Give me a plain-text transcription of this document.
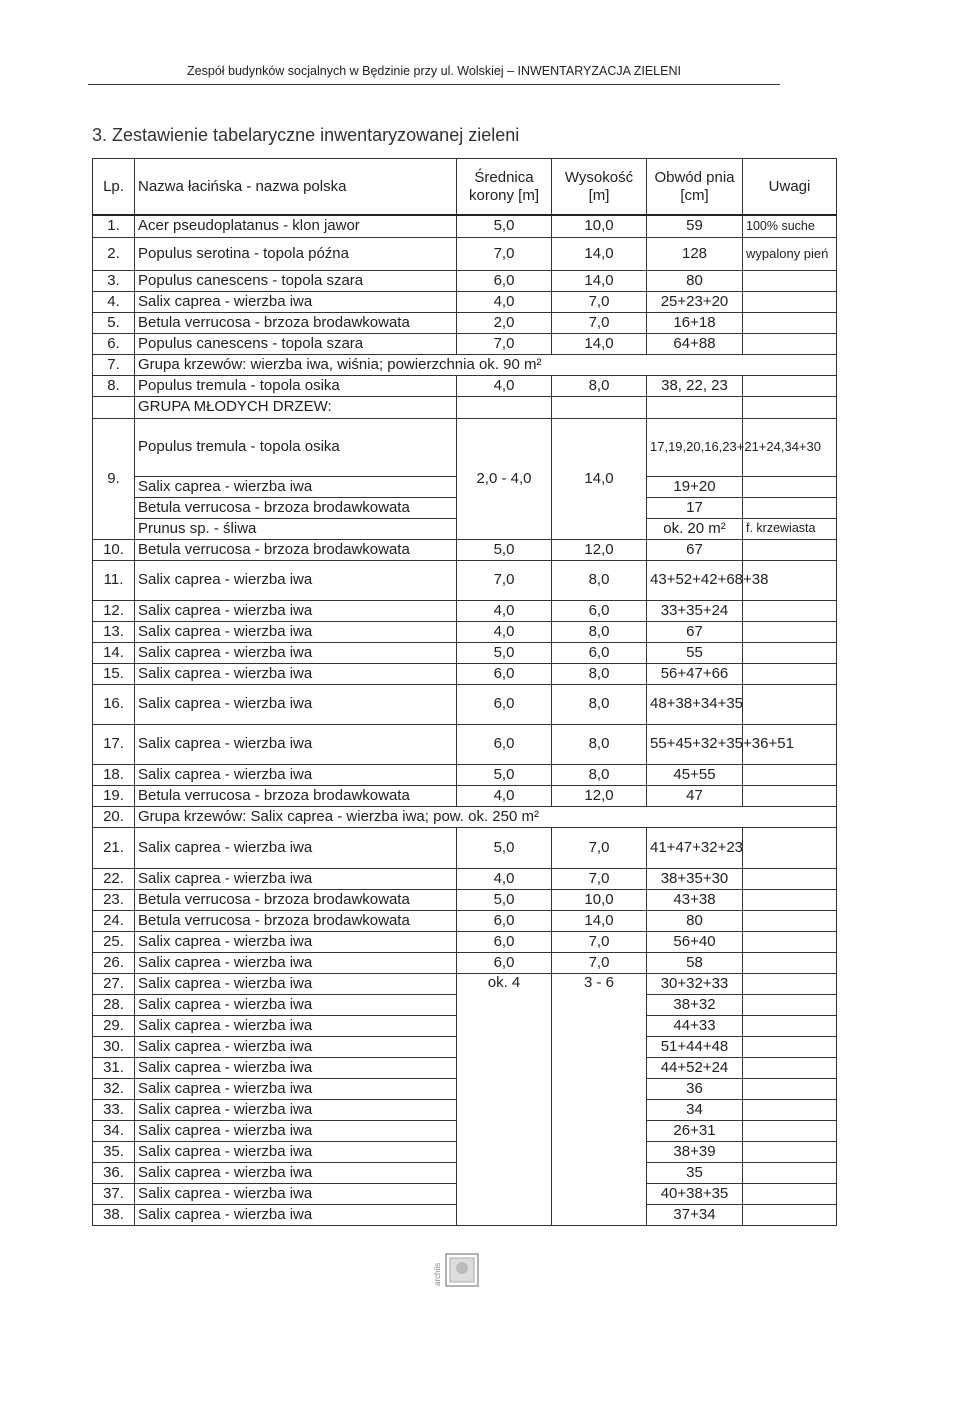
Zespół budynków socjalnych w Będzinie przy ul. Wolskiej – INWENTARYZACJA ZIELENI
3. Zestawienie tabelaryczne inwentaryzowanej zieleni
Lp.	Nazwa łacińska - nazwa polska	Średnica korony [m]	Wysokość [m]	Obwód pnia [cm]	Uwagi
1.	Acer pseudoplatanus - klon jawor	5,0	10,0	59	100% suche
2.	Populus serotina - topola późna	7,0	14,0	128	wypalony pień
3.	Populus canescens - topola szara	6,0	14,0	80	
4.	Salix caprea - wierzba iwa	4,0	7,0	25+23+20	
5.	Betula verrucosa - brzoza brodawkowata	2,0	7,0	16+18	
6.	Populus canescens - topola szara	7,0	14,0	64+88	
7.	Grupa krzewów: wierzba iwa, wiśnia; powierzchnia ok. 90 m²				
8.	Populus tremula - topola osika	4,0	8,0	38, 22, 23	
	GRUPA MŁODYCH DRZEW:				
9.	Populus tremula - topola osika	2,0 - 4,0	14,0	17,19,20,16,23+21+24,34+30	
	Salix caprea - wierzba iwa			19+20	
	Betula verrucosa - brzoza brodawkowata			17	
	Prunus sp. - śliwa			ok. 20 m²	f. krzewiasta
10.	Betula verrucosa - brzoza brodawkowata	5,0	12,0	67	
11.	Salix caprea - wierzba iwa	7,0	8,0	43+52+42+68+38	
12.	Salix caprea - wierzba iwa	4,0	6,0	33+35+24	
13.	Salix caprea - wierzba iwa	4,0	8,0	67	
14.	Salix caprea - wierzba iwa	5,0	6,0	55	
15.	Salix caprea - wierzba iwa	6,0	8,0	56+47+66	
16.	Salix caprea - wierzba iwa	6,0	8,0	48+38+34+35	
17.	Salix caprea - wierzba iwa	6,0	8,0	55+45+32+35+36+51	
18.	Salix caprea - wierzba iwa	5,0	8,0	45+55	
19.	Betula verrucosa - brzoza brodawkowata	4,0	12,0	47	
20.	Grupa krzewów: Salix caprea - wierzba iwa; pow. ok. 250 m²				
21.	Salix caprea - wierzba iwa	5,0	7,0	41+47+32+23	
22.	Salix caprea - wierzba iwa	4,0	7,0	38+35+30	
23.	Betula verrucosa - brzoza brodawkowata	5,0	10,0	43+38	
24.	Betula verrucosa - brzoza brodawkowata	6,0	14,0	80	
25.	Salix caprea - wierzba iwa	6,0	7,0	56+40	
26.	Salix caprea - wierzba iwa	6,0	7,0	58	
27.	Salix caprea - wierzba iwa	ok. 4	3 - 6	30+32+33	
28.	Salix caprea - wierzba iwa			38+32	
29.	Salix caprea - wierzba iwa			44+33	
30.	Salix caprea - wierzba iwa			51+44+48	
31.	Salix caprea - wierzba iwa			44+52+24	
32.	Salix caprea - wierzba iwa			36	
33.	Salix caprea - wierzba iwa			34	
34.	Salix caprea - wierzba iwa			26+31	
35.	Salix caprea - wierzba iwa			38+39	
36.	Salix caprea - wierzba iwa			35	
37.	Salix caprea - wierzba iwa			40+38+35	
38.	Salix caprea - wierzba iwa			37+34	
archiis
